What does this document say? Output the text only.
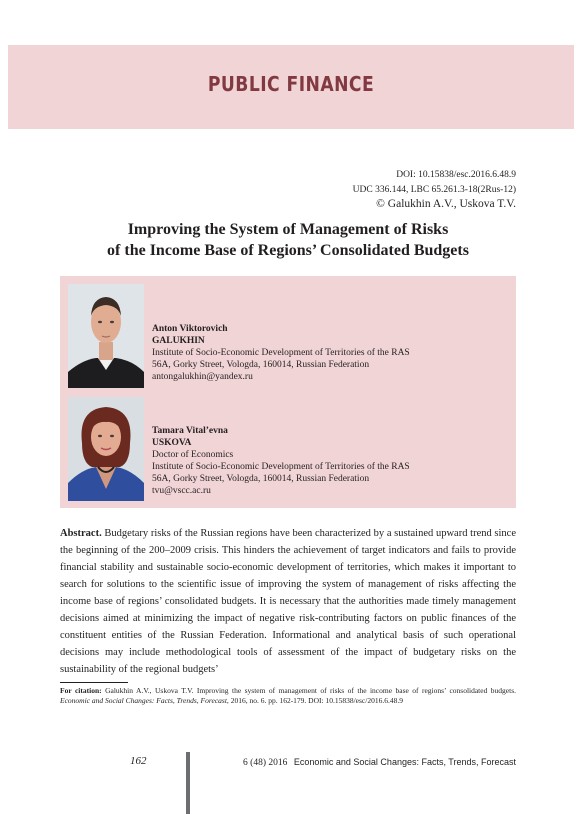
PUBLIC FINANCE
DOI: 10.15838/esc.2016.6.48.9
UDC 336.144, LBC 65.261.3-18(2Rus-12)
© Galukhin A.V., Uskova T.V.
Improving the System of Management of Risks
of the Income Base of Regions’ Consolidated Budgets
Anton Viktorovich
GALUKHIN
Institute of Socio-Economic Development of Territories of the RAS
56A, Gorky Street, Vologda, 160014, Russian Federation
antongalukhin@yandex.ru
Tamara Vital’evna
USKOVA
Doctor of Economics
Institute of Socio-Economic Development of Territories of the RAS
56A, Gorky Street, Vologda, 160014, Russian Federation
tvu@vscc.ac.ru
Abstract. Budgetary risks of the Russian regions have been characterized by a sustained upward trend since the beginning of the 200–2009 crisis. This hinders the achievement of target indicators and fails to provide financial stability and sustainable socio-economic development of territories, which makes it important to search for solutions to the scientific issue of improving the system of management of risks affecting the income base of regions’ consolidated budgets. It is necessary that the authorities made timely management decisions aimed at minimizing the impact of negative risk-contributing factors on public finances of the constituent entities of the Russian Federation. Informational and analytical basis of such operational decisions may include methodological tools of assessment of the impact of budgetary risks on the sustainability of the regional budgets’
For citation: Galukhin A.V., Uskova T.V. Improving the system of management of risks of the income base of regions’ consolidated budgets. Economic and Social Changes: Facts, Trends, Forecast, 2016, no. 6. pp. 162-179. DOI: 10.15838/esc/2016.6.48.9
162	6 (48) 2016 Economic and Social Changes: Facts, Trends, Forecast
